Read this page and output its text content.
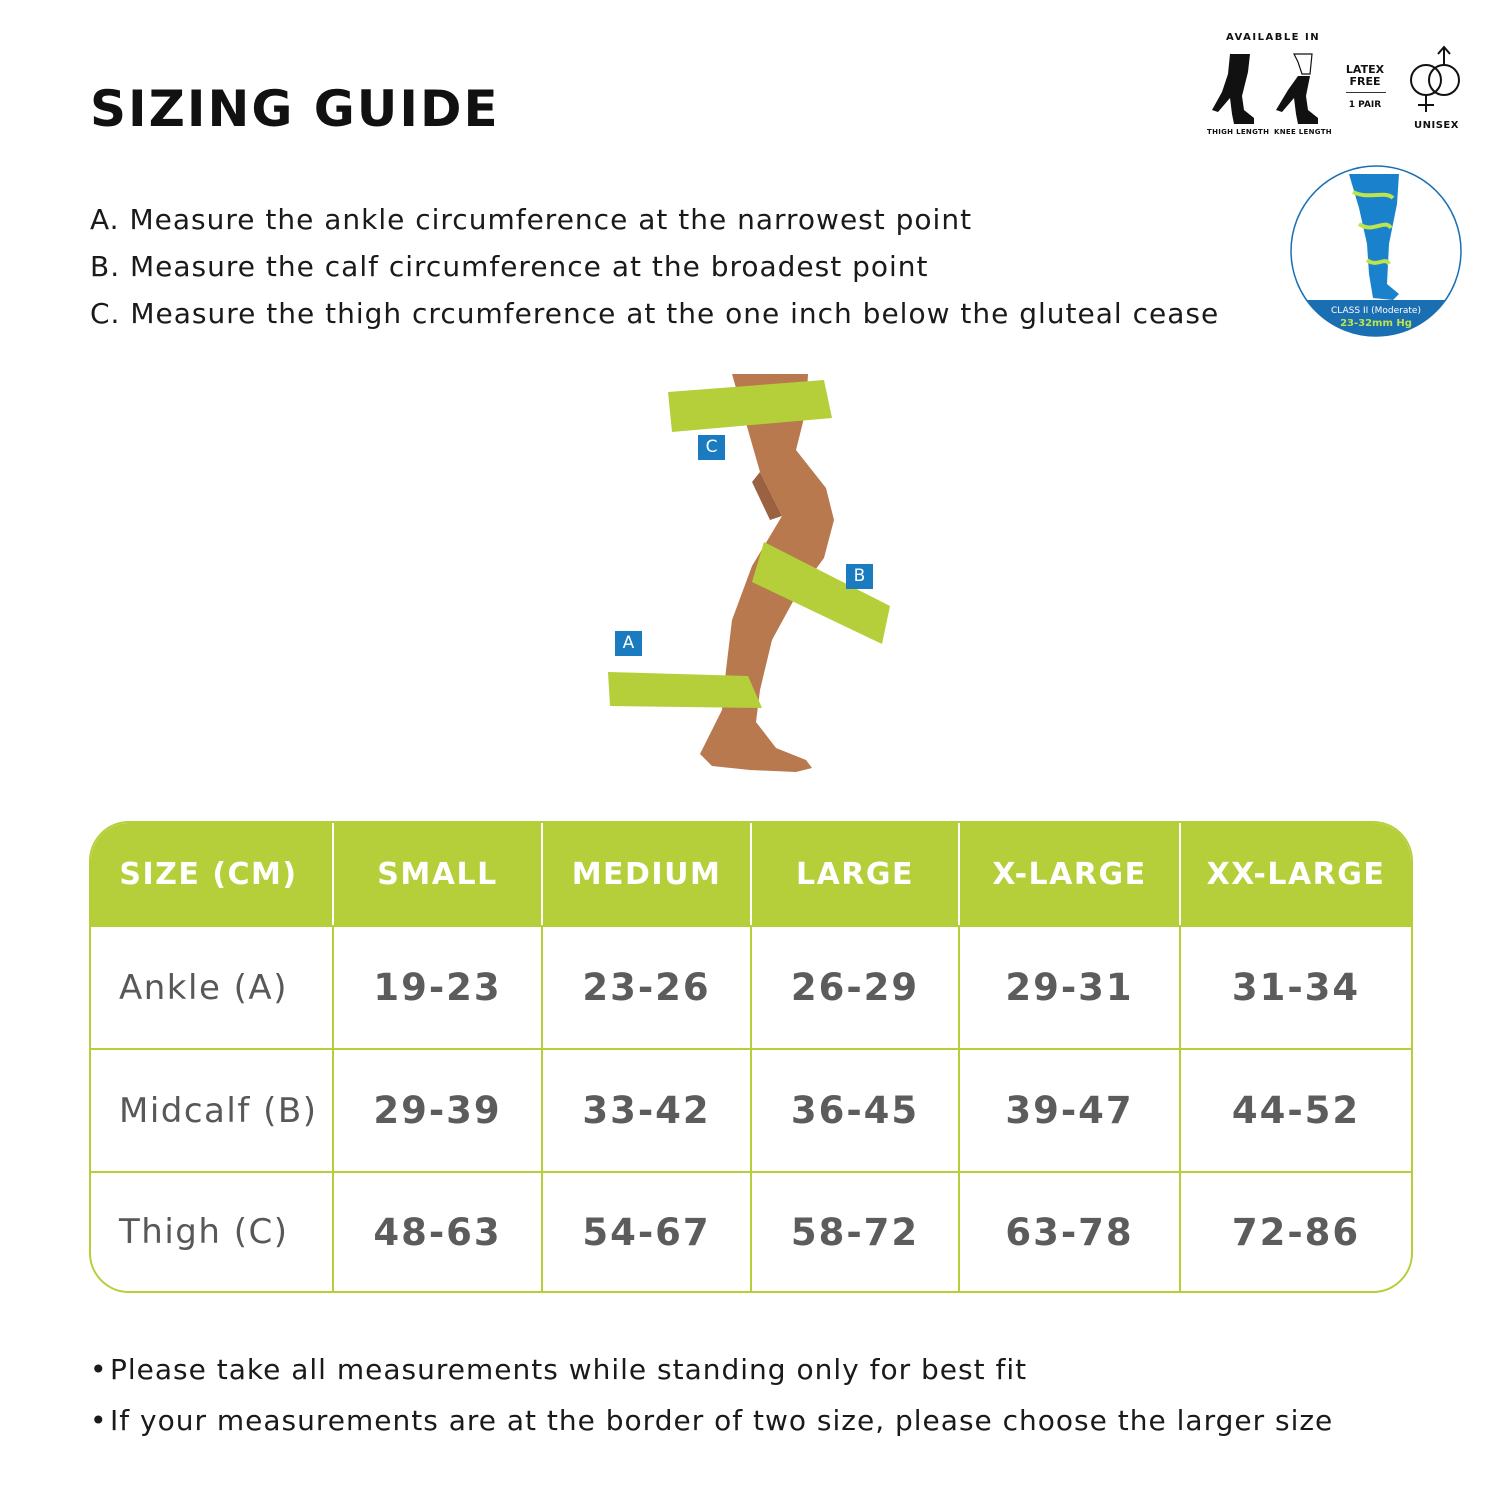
SIZING GUIDE
A. Measure the ankle circumference at the narrowest point
B. Measure the calf circumference at the broadest point
C. Measure the thigh crcumference at the one inch below the gluteal cease
AVAILABLE IN
THIGH LENGTH KNEE LENGTH
LATEX FREE
1 PAIR
UNISEX
CLASS II (Moderate)
23-32mm Hg
C
B
A
SIZE (CM)	SMALL	MEDIUM	LARGE	X-LARGE	XX-LARGE
Ankle (A)	19-23	23-26	26-29	29-31	31-34
Midcalf (B)	29-39	33-42	36-45	39-47	44-52
Thigh (C)	48-63	54-67	58-72	63-78	72-86
•Please take all measurements while standing only for best fit
•If your measurements are at the border of two size, please choose the larger size
